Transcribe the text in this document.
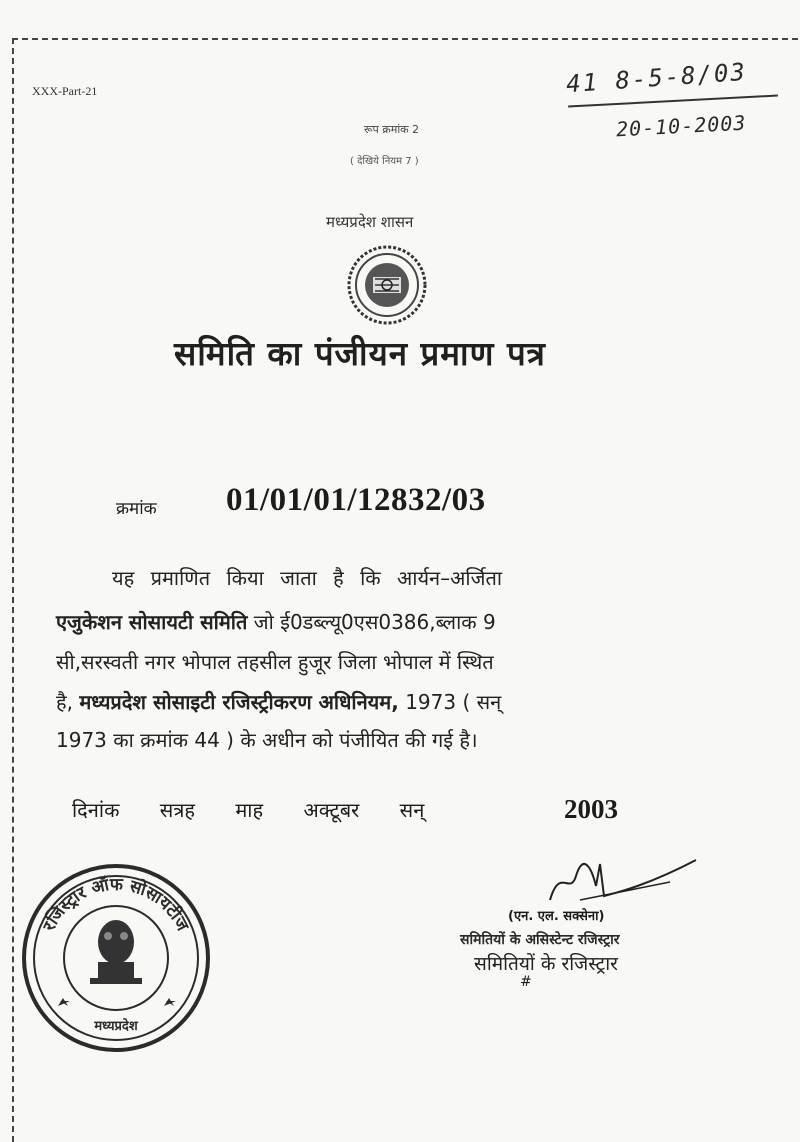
XXX-Part-21	41 8-5-8/03
20-10-2003
रूप क्रमांक 2
( देखिये नियम 7 )
मध्यप्रदेश शासन
समिति का पंजीयन प्रमाण पत्र
क्रमांक 01/01/01/12832/03
यह प्रमाणित किया जाता है कि आर्यन–अर्जिता
एजुकेशन सोसायटी समिति जो ई0डब्ल्यू0एस0386,ब्लाक 9
सी,सरस्वती नगर भोपाल तहसील हुजूर जिला भोपाल में स्थित
है, मध्यप्रदेश सोसाइटी रजिस्ट्रीकरण अधिनियम, 1973 ( सन्
1973 का क्रमांक 44 ) के अधीन को पंजीयित की गई है।
दिनांक सत्रह माह अक्टूबर सन्	2003
रजिस्ट्रार ऑफ सोसायटीज
मध्यप्रदेश
(एन. एल. सक्सेना)
समितियों के असिस्टेन्ट रजिस्ट्रार
समितियों के रजिस्ट्रार
#
